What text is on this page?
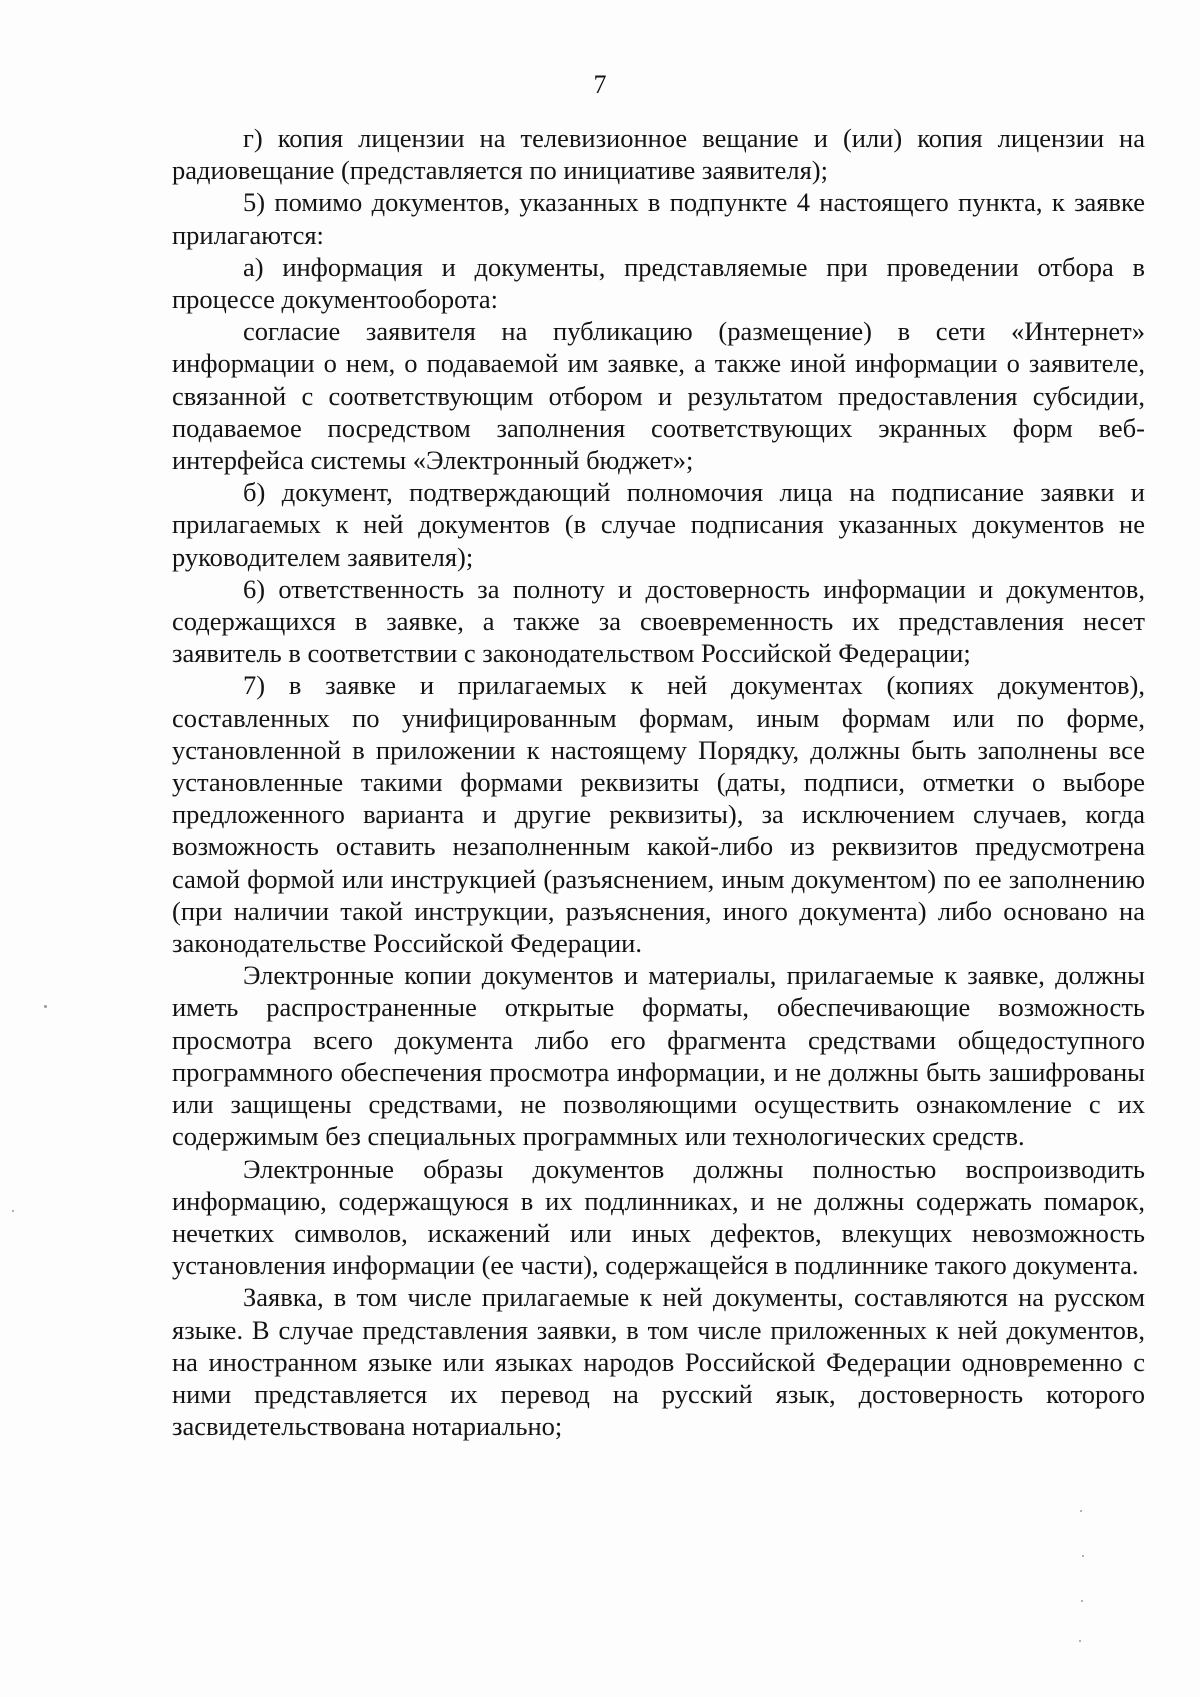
7

г) копия лицензии на телевизионное вещание и (или) копия лицензии на радиовещание (представляется по инициативе заявителя);

5) помимо документов, указанных в подпункте 4 настоящего пункта, к заявке прилагаются:

а) информация и документы, представляемые при проведении отбора в процессе документооборота:

согласие заявителя на публикацию (размещение) в сети «Интернет» информации о нем, о подаваемой им заявке, а также иной информации о заявителе, связанной с соответствующим отбором и результатом предоставления субсидии, подаваемое посредством заполнения соответствующих экранных форм веб-интерфейса системы «Электронный бюджет»;

б) документ, подтверждающий полномочия лица на подписание заявки и прилагаемых к ней документов (в случае подписания указанных документов не руководителем заявителя);

6) ответственность за полноту и достоверность информации и документов, содержащихся в заявке, а также за своевременность их представления несет заявитель в соответствии с законодательством Российской Федерации;

7) в заявке и прилагаемых к ней документах (копиях документов), составленных по унифицированным формам, иным формам или по форме, установленной в приложении к настоящему Порядку, должны быть заполнены все установленные такими формами реквизиты (даты, подписи, отметки о выборе предложенного варианта и другие реквизиты), за исключением случаев, когда возможность оставить незаполненным какой-либо из реквизитов предусмотрена самой формой или инструкцией (разъяснением, иным документом) по ее заполнению (при наличии такой инструкции, разъяснения, иного документа) либо основано на законодательстве Российской Федерации.

Электронные копии документов и материалы, прилагаемые к заявке, должны иметь распространенные открытые форматы, обеспечивающие возможность просмотра всего документа либо его фрагмента средствами общедоступного программного обеспечения просмотра информации, и не должны быть зашифрованы или защищены средствами, не позволяющими осуществить ознакомление с их содержимым без специальных программных или технологических средств.

Электронные образы документов должны полностью воспроизводить информацию, содержащуюся в их подлинниках, и не должны содержать помарок, нечетких символов, искажений или иных дефектов, влекущих невозможность установления информации (ее части), содержащейся в подлиннике такого документа.

Заявка, в том числе прилагаемые к ней документы, составляются на русском языке. В случае представления заявки, в том числе приложенных к ней документов, на иностранном языке или языках народов Российской Федерации одновременно с ними представляется их перевод на русский язык, достоверность которого засвидетельствована нотариально;
